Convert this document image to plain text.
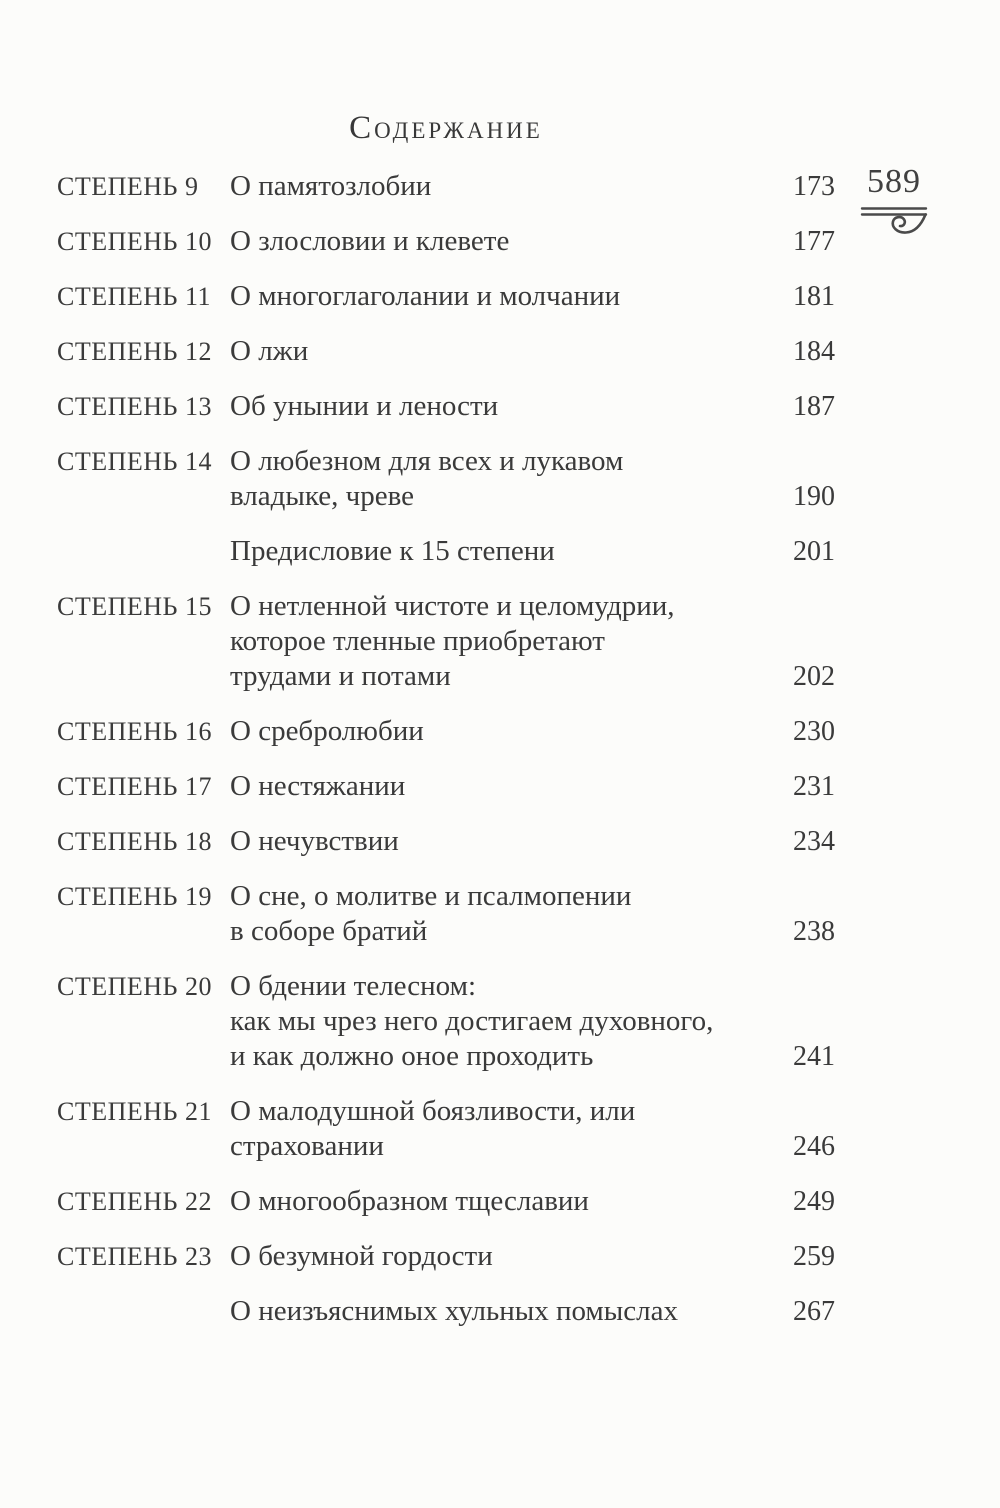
Содержание
СТЕПЕНЬ 9	О памятозлобии	173
СТЕПЕНЬ 10 О злословии и клевете	177
СТЕПЕНЬ 11 О многоглаголании и молчании	181
СТЕПЕНЬ 12 О лжи	184
СТЕПЕНЬ 13 Об унынии и лености	187
СТЕПЕНЬ 14 О любезном для всех и лукавом
владыке, чреве	190
Предисловие к 15 степени	201
СТЕПЕНЬ 15 О нетленной чистоте и целомудрии,
которое тленные приобретают
трудами и потами	202
СТЕПЕНЬ 16 О сребролюбии	230
СТЕПЕНЬ 17 О нестяжании	231
СТЕПЕНЬ 18 О нечувствии	234
СТЕПЕНЬ 19 О сне, о молитве и псалмопении
в соборе братий	238
СТЕПЕНЬ 20 О бдении телесном:
как мы чрез него достигаем духовного,
и как должно оное проходить	241
СТЕПЕНЬ 21 О малодушной боязливости, или
страховании	246
СТЕПЕНЬ 22 О многообразном тщеславии	249
СТЕПЕНЬ 23 О безумной гордости	259
О неизъяснимых хульных помыслах	267
589
